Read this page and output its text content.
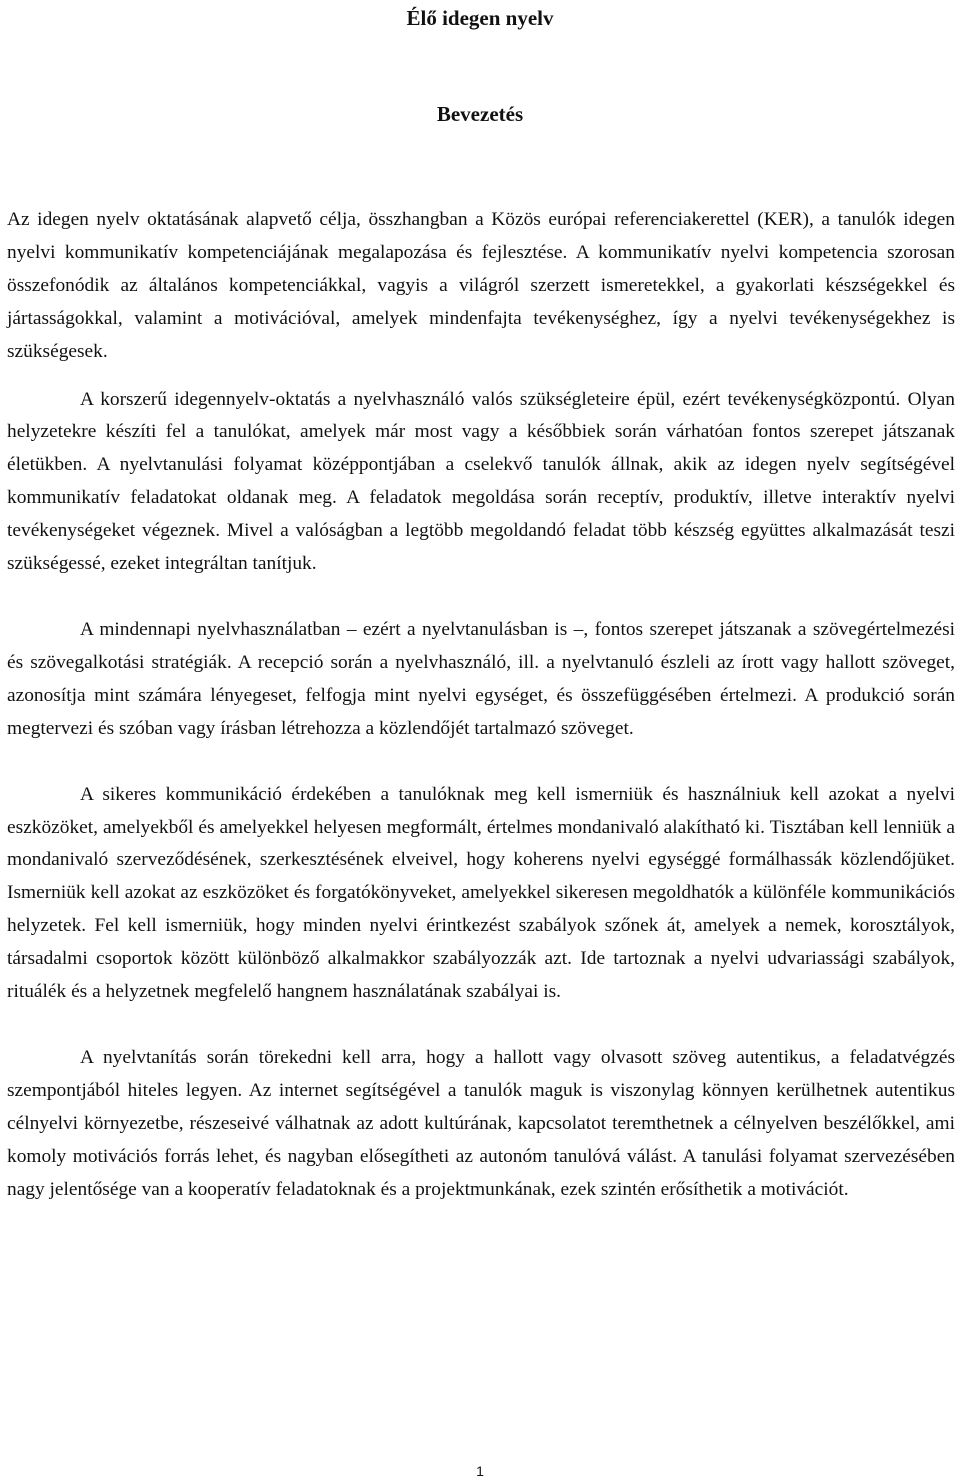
Élő idegen nyelv
Bevezetés

Az idegen nyelv oktatásának alapvető célja, összhangban a Közös európai referenciakerettel (KER), a tanulók idegen nyelvi kommunikatív kompetenciájának megalapozása és fejlesztése. A kommunikatív nyelvi kompetencia szorosan összefonódik az általános kompetenciákkal, vagyis a világról szerzett ismeretekkel, a gyakorlati készségekkel és jártasságokkal, valamint a motivációval, amelyek mindenfajta tevékenységhez, így a nyelvi tevékenységekhez is szükségesek.

A korszerű idegennyelv-oktatás a nyelvhasználó valós szükségleteire épül, ezért tevékenységközpontú. Olyan helyzetekre készíti fel a tanulókat, amelyek már most vagy a későbbiek során várhatóan fontos szerepet játszanak életükben. A nyelvtanulási folyamat középpontjában a cselekvő tanulók állnak, akik az idegen nyelv segítségével kommunikatív feladatokat oldanak meg. A feladatok megoldása során receptív, produktív, illetve interaktív nyelvi tevékenységeket végeznek. Mivel a valóságban a legtöbb megoldandó feladat több készség együttes alkalmazását teszi szükségessé, ezeket integráltan tanítjuk.

A mindennapi nyelvhasználatban – ezért a nyelvtanulásban is –, fontos szerepet játszanak a szövegértelmezési és szövegalkotási stratégiák. A recepció során a nyelvhasználó, ill. a nyelvtanuló észleli az írott vagy hallott szöveget, azonosítja mint számára lényegeset, felfogja mint nyelvi egységet, és összefüggésében értelmezi. A produkció során megtervezi és szóban vagy írásban létrehozza a közlendőjét tartalmazó szöveget.

A sikeres kommunikáció érdekében a tanulóknak meg kell ismerniük és használniuk kell azokat a nyelvi eszközöket, amelyekből és amelyekkel helyesen megformált, értelmes mondanivaló alakítható ki. Tisztában kell lenniük a mondanivaló szerveződésének, szerkesztésének elveivel, hogy koherens nyelvi egységgé formálhassák közlendőjüket. Ismerniük kell azokat az eszközöket és forgatókönyveket, amelyekkel sikeresen megoldhatók a különféle kommunikációs helyzetek. Fel kell ismerniük, hogy minden nyelvi érintkezést szabályok szőnek át, amelyek a nemek, korosztályok, társadalmi csoportok között különböző alkalmakkor szabályozzák azt. Ide tartoznak a nyelvi udvariassági szabályok, rituálék és a helyzetnek megfelelő hangnem használatának szabályai is.

A nyelvtanítás során törekedni kell arra, hogy a hallott vagy olvasott szöveg autentikus, a feladatvégzés szempontjából hiteles legyen. Az internet segítségével a tanulók maguk is viszonylag könnyen kerülhetnek autentikus célnyelvi környezetbe, részeseivé válhatnak az adott kultúrának, kapcsolatot teremthetnek a célnyelven beszélőkkel, ami komoly motivációs forrás lehet, és nagyban elősegítheti az autonóm tanulóvá válást. A tanulási folyamat szervezésében nagy jelentősége van a kooperatív feladatoknak és a projektmunkának, ezek szintén erősíthetik a motivációt.

1
